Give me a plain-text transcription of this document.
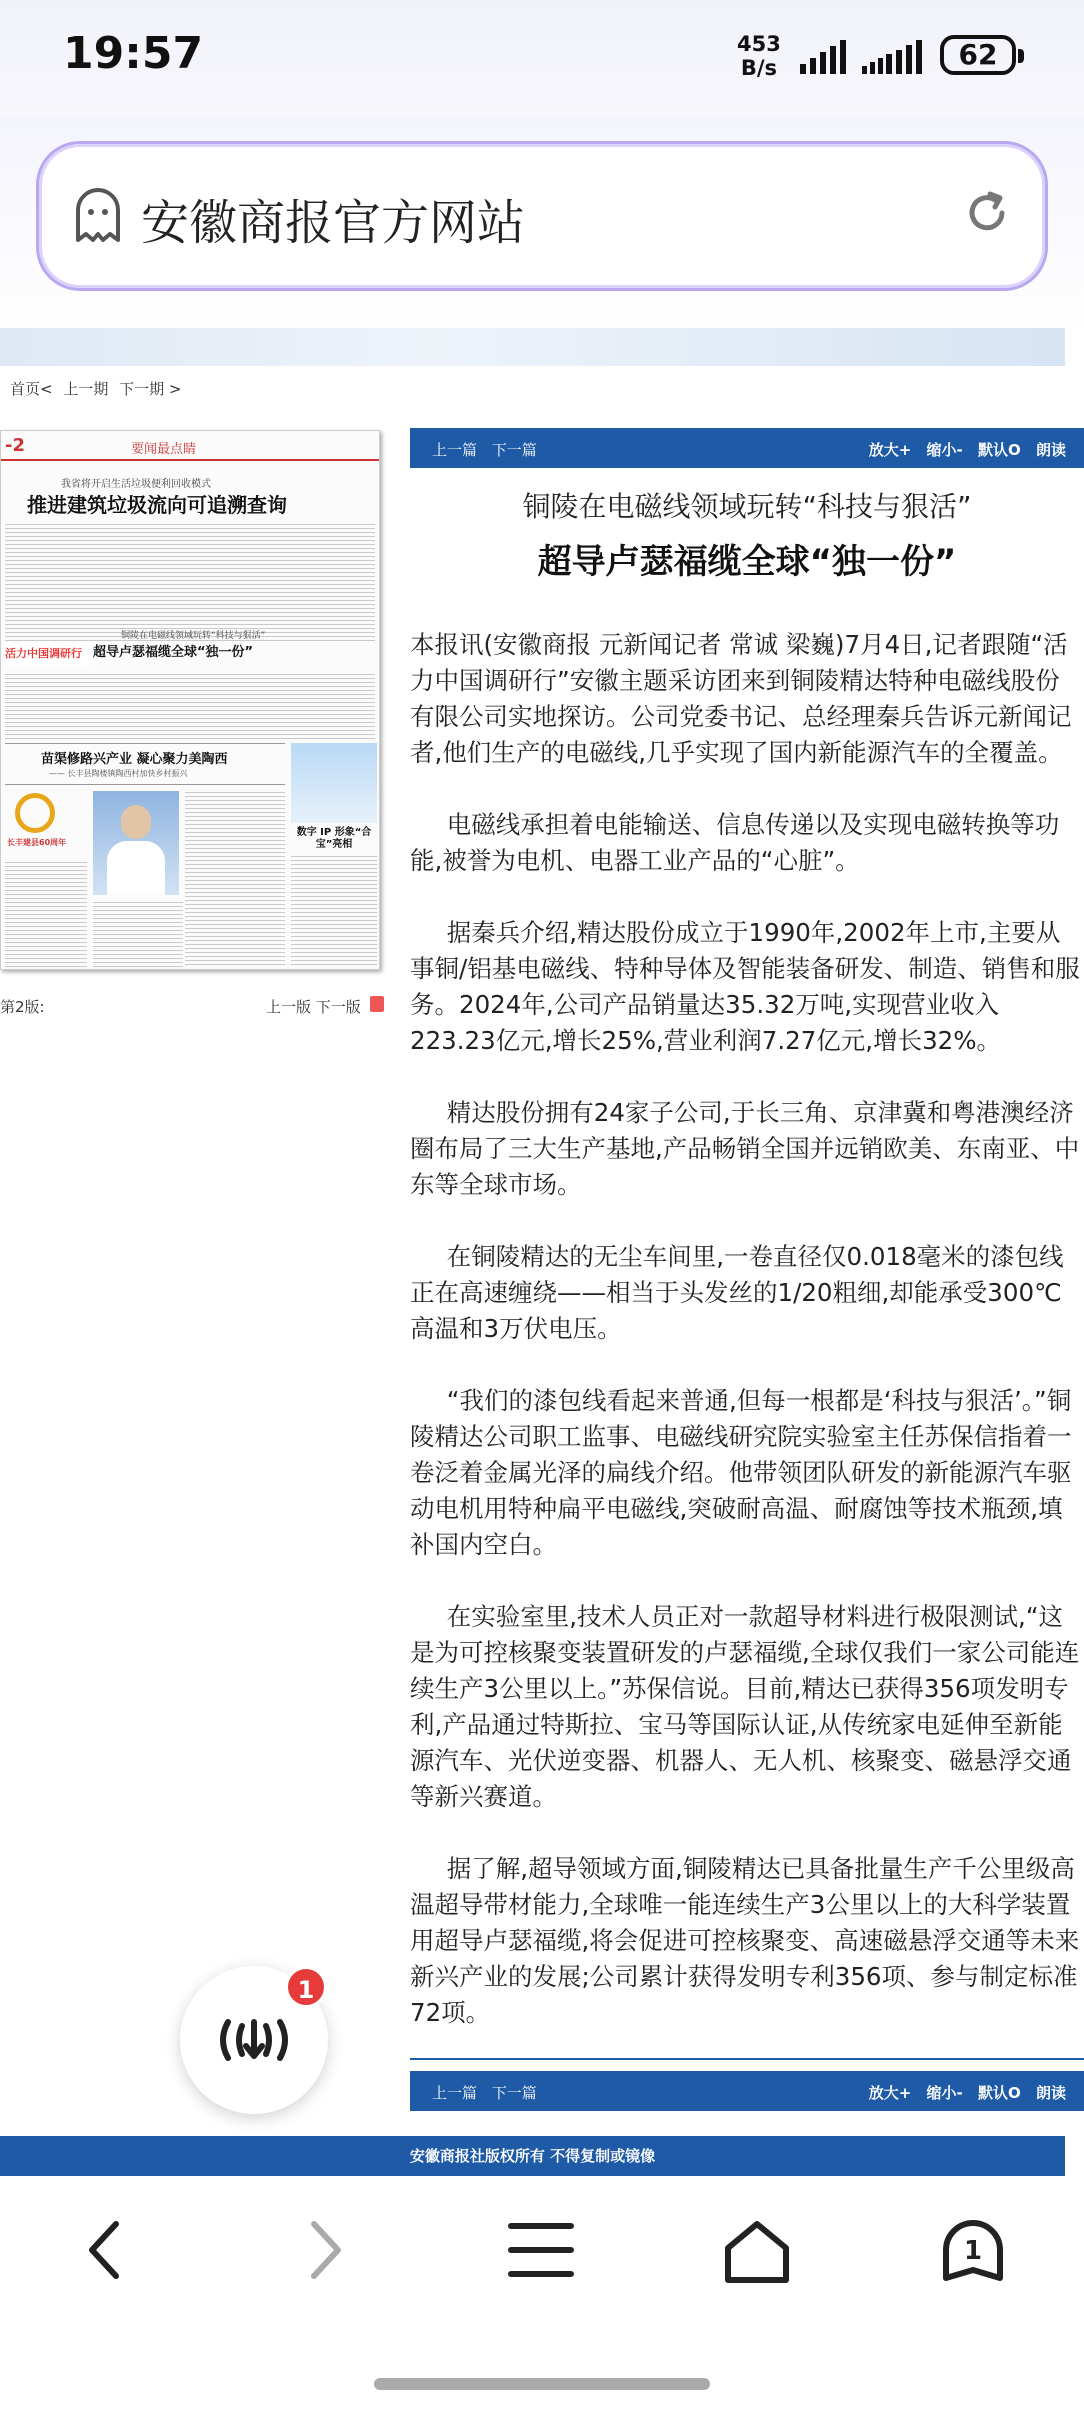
19:57	453
B/s	62
安徽商报官方网站
首页< 上一期 下一期 >
-2	要闻最点睛
我省将开启生活垃圾便利回收模式
推进建筑垃圾流向可追溯查询
活力中国调研行
铜陵在电磁线领域玩转“科技与狠活”
超导卢瑟福缆全球“独一份”
苗渠修路兴产业 凝心聚力美陶西
—— 长丰县陶楼镇陶西村加快乡村振兴
数字 IP 形象“合宝”亮相
长丰建县60周年
第2版:	上一版 下一版
上一篇 下一篇	放大+ 缩小- 默认O 朗读
铜陵在电磁线领域玩转“科技与狠活”
超导卢瑟福缆全球“独一份”

本报讯(安徽商报 元新闻记者 常诚 梁巍)7月4日,记者跟随“活力中国调研行”安徽主题采访团来到铜陵精达特种电磁线股份有限公司实地探访。公司党委书记、总经理秦兵告诉元新闻记者,他们生产的电磁线,几乎实现了国内新能源汽车的全覆盖。

电磁线承担着电能输送、信息传递以及实现电磁转换等功能,被誉为电机、电器工业产品的“心脏”。

据秦兵介绍,精达股份成立于1990年,2002年上市,主要从事铜/铝基电磁线、特种导体及智能装备研发、制造、销售和服务。2024年,公司产品销量达35.32万吨,实现营业收入223.23亿元,增长25%,营业利润7.27亿元,增长32%。

精达股份拥有24家子公司,于长三角、京津冀和粤港澳经济圈布局了三大生产基地,产品畅销全国并远销欧美、东南亚、中东等全球市场。

在铜陵精达的无尘车间里,一卷直径仅0.018毫米的漆包线正在高速缠绕——相当于头发丝的1/20粗细,却能承受300℃高温和3万伏电压。

“我们的漆包线看起来普通,但每一根都是‘科技与狠活’。”铜陵精达公司职工监事、电磁线研究院实验室主任苏保信指着一卷泛着金属光泽的扁线介绍。他带领团队研发的新能源汽车驱动电机用特种扁平电磁线,突破耐高温、耐腐蚀等技术瓶颈,填补国内空白。

在实验室里,技术人员正对一款超导材料进行极限测试,“这是为可控核聚变装置研发的卢瑟福缆,全球仅我们一家公司能连续生产3公里以上。”苏保信说。目前,精达已获得356项发明专利,产品通过特斯拉、宝马等国际认证,从传统家电延伸至新能源汽车、光伏逆变器、机器人、无人机、核聚变、磁悬浮交通等新兴赛道。

据了解,超导领域方面,铜陵精达已具备批量生产千公里级高温超导带材能力,全球唯一能连续生产3公里以上的大科学装置用超导卢瑟福缆,将会促进可控核聚变、高速磁悬浮交通等未来新兴产业的发展;公司累计获得发明专利356项、参与制定标准72项。

上一篇 下一篇	放大+ 缩小- 默认O 朗读
安徽商报社版权所有 不得复制或镜像
1
1
